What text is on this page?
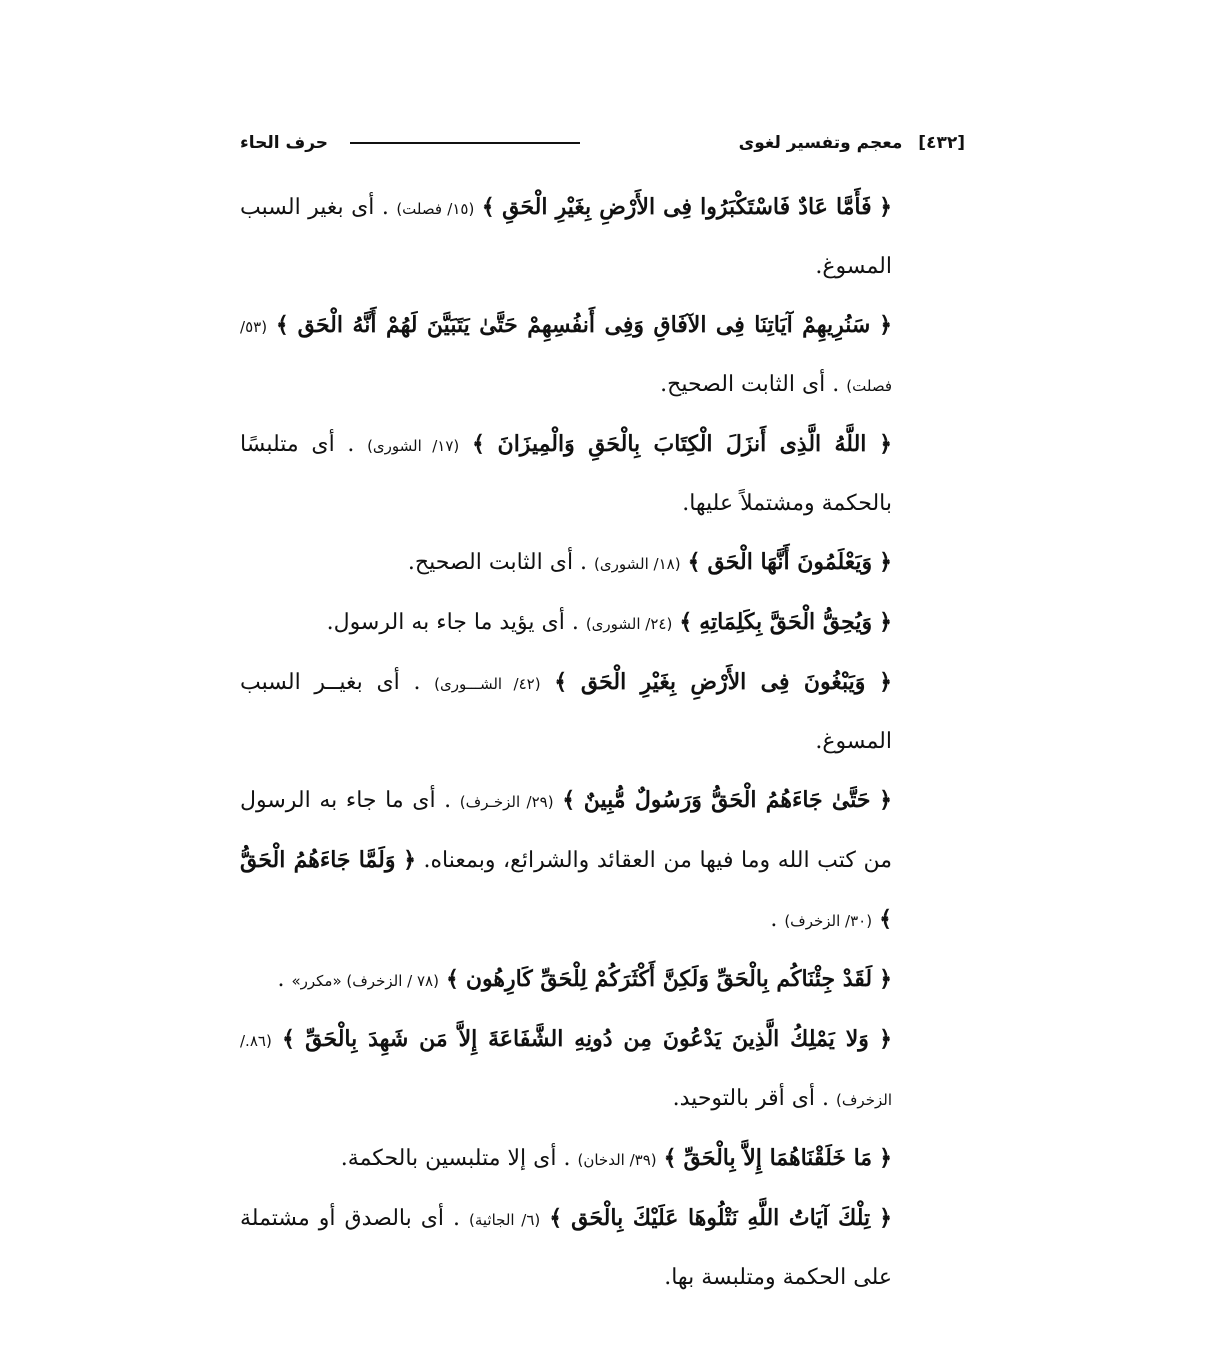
[٤٣٢] معجم وتفسير لغوى
حرف الحاء

﴿ فَأَمَّا عَادٌ فَاسْتَكْبَرُوا فِى الأَرْضِ بِغَيْرِ الْحَقِ ﴾ (١٥/ فصلت) . أى بغير السبب المسوغ.

﴿ سَنُرِيهِمْ آيَاتِنَا فِى الآفَاقِ وَفِى أَنفُسِهِمْ حَتَّىٰ يَتَبَيَّنَ لَهُمْ أَنَّهُ الْحَق ﴾ (٥٣/ فصلت) . أى الثابت الصحيح.

﴿ اللَّهُ الَّذِى أَنزَلَ الْكِتَابَ بِالْحَقِ وَالْمِيزَانَ ﴾ (١٧/ الشورى) . أى متلبسًا بالحكمة ومشتملاً عليها.

﴿ وَيَعْلَمُونَ أَنَّهَا الْحَق ﴾ (١٨/ الشورى) . أى الثابت الصحيح.

﴿ وَيُحِقُّ الْحَقَّ بِكَلِمَاتِهِ ﴾ (٢٤/ الشورى) . أى يؤيد ما جاء به الرسول.

﴿ وَيَبْغُونَ فِى الأَرْضِ بِغَيْرِ الْحَق ﴾ (٤٢/ الشـــورى) . أى بغيــر السبب المسوغ.

﴿ حَتَّىٰ جَاءَهُمُ الْحَقُّ وَرَسُولٌ مُّبِينٌ ﴾ (٢٩/ الزخـرف) . أى ما جاء به الرسول من كتب الله وما فيها من العقائد والشرائع، وبمعناه. ﴿ وَلَمَّا جَاءَهُمُ الْحَقُّ ﴾ (٣٠/ الزخرف) .

﴿ لَقَدْ جِئْنَاكُم بِالْحَقِّ وَلَكِنَّ أَكْثَرَكُمْ لِلْحَقِّ كَارِهُون ﴾ (٧٨ / الزخرف) «مكرر» .

﴿ وَلا يَمْلِكُ الَّذِينَ يَدْعُونَ مِن دُونِهِ الشَّفَاعَةَ إِلاَّ مَن شَهِدَ بِالْحَقِّ ﴾ (٨٦./ الزخرف) . أى أقر بالتوحيد.

﴿ مَا خَلَقْنَاهُمَا إِلاَّ بِالْحَقِّ ﴾ (٣٩/ الدخان) . أى إلا متلبسين بالحكمة.

﴿ تِلْكَ آيَاتُ اللَّهِ نَتْلُوهَا عَلَيْكَ بِالْحَق ﴾ (٦/ الجاثية) . أى بالصدق أو مشتملة على الحكمة ومتلبسة بها.
